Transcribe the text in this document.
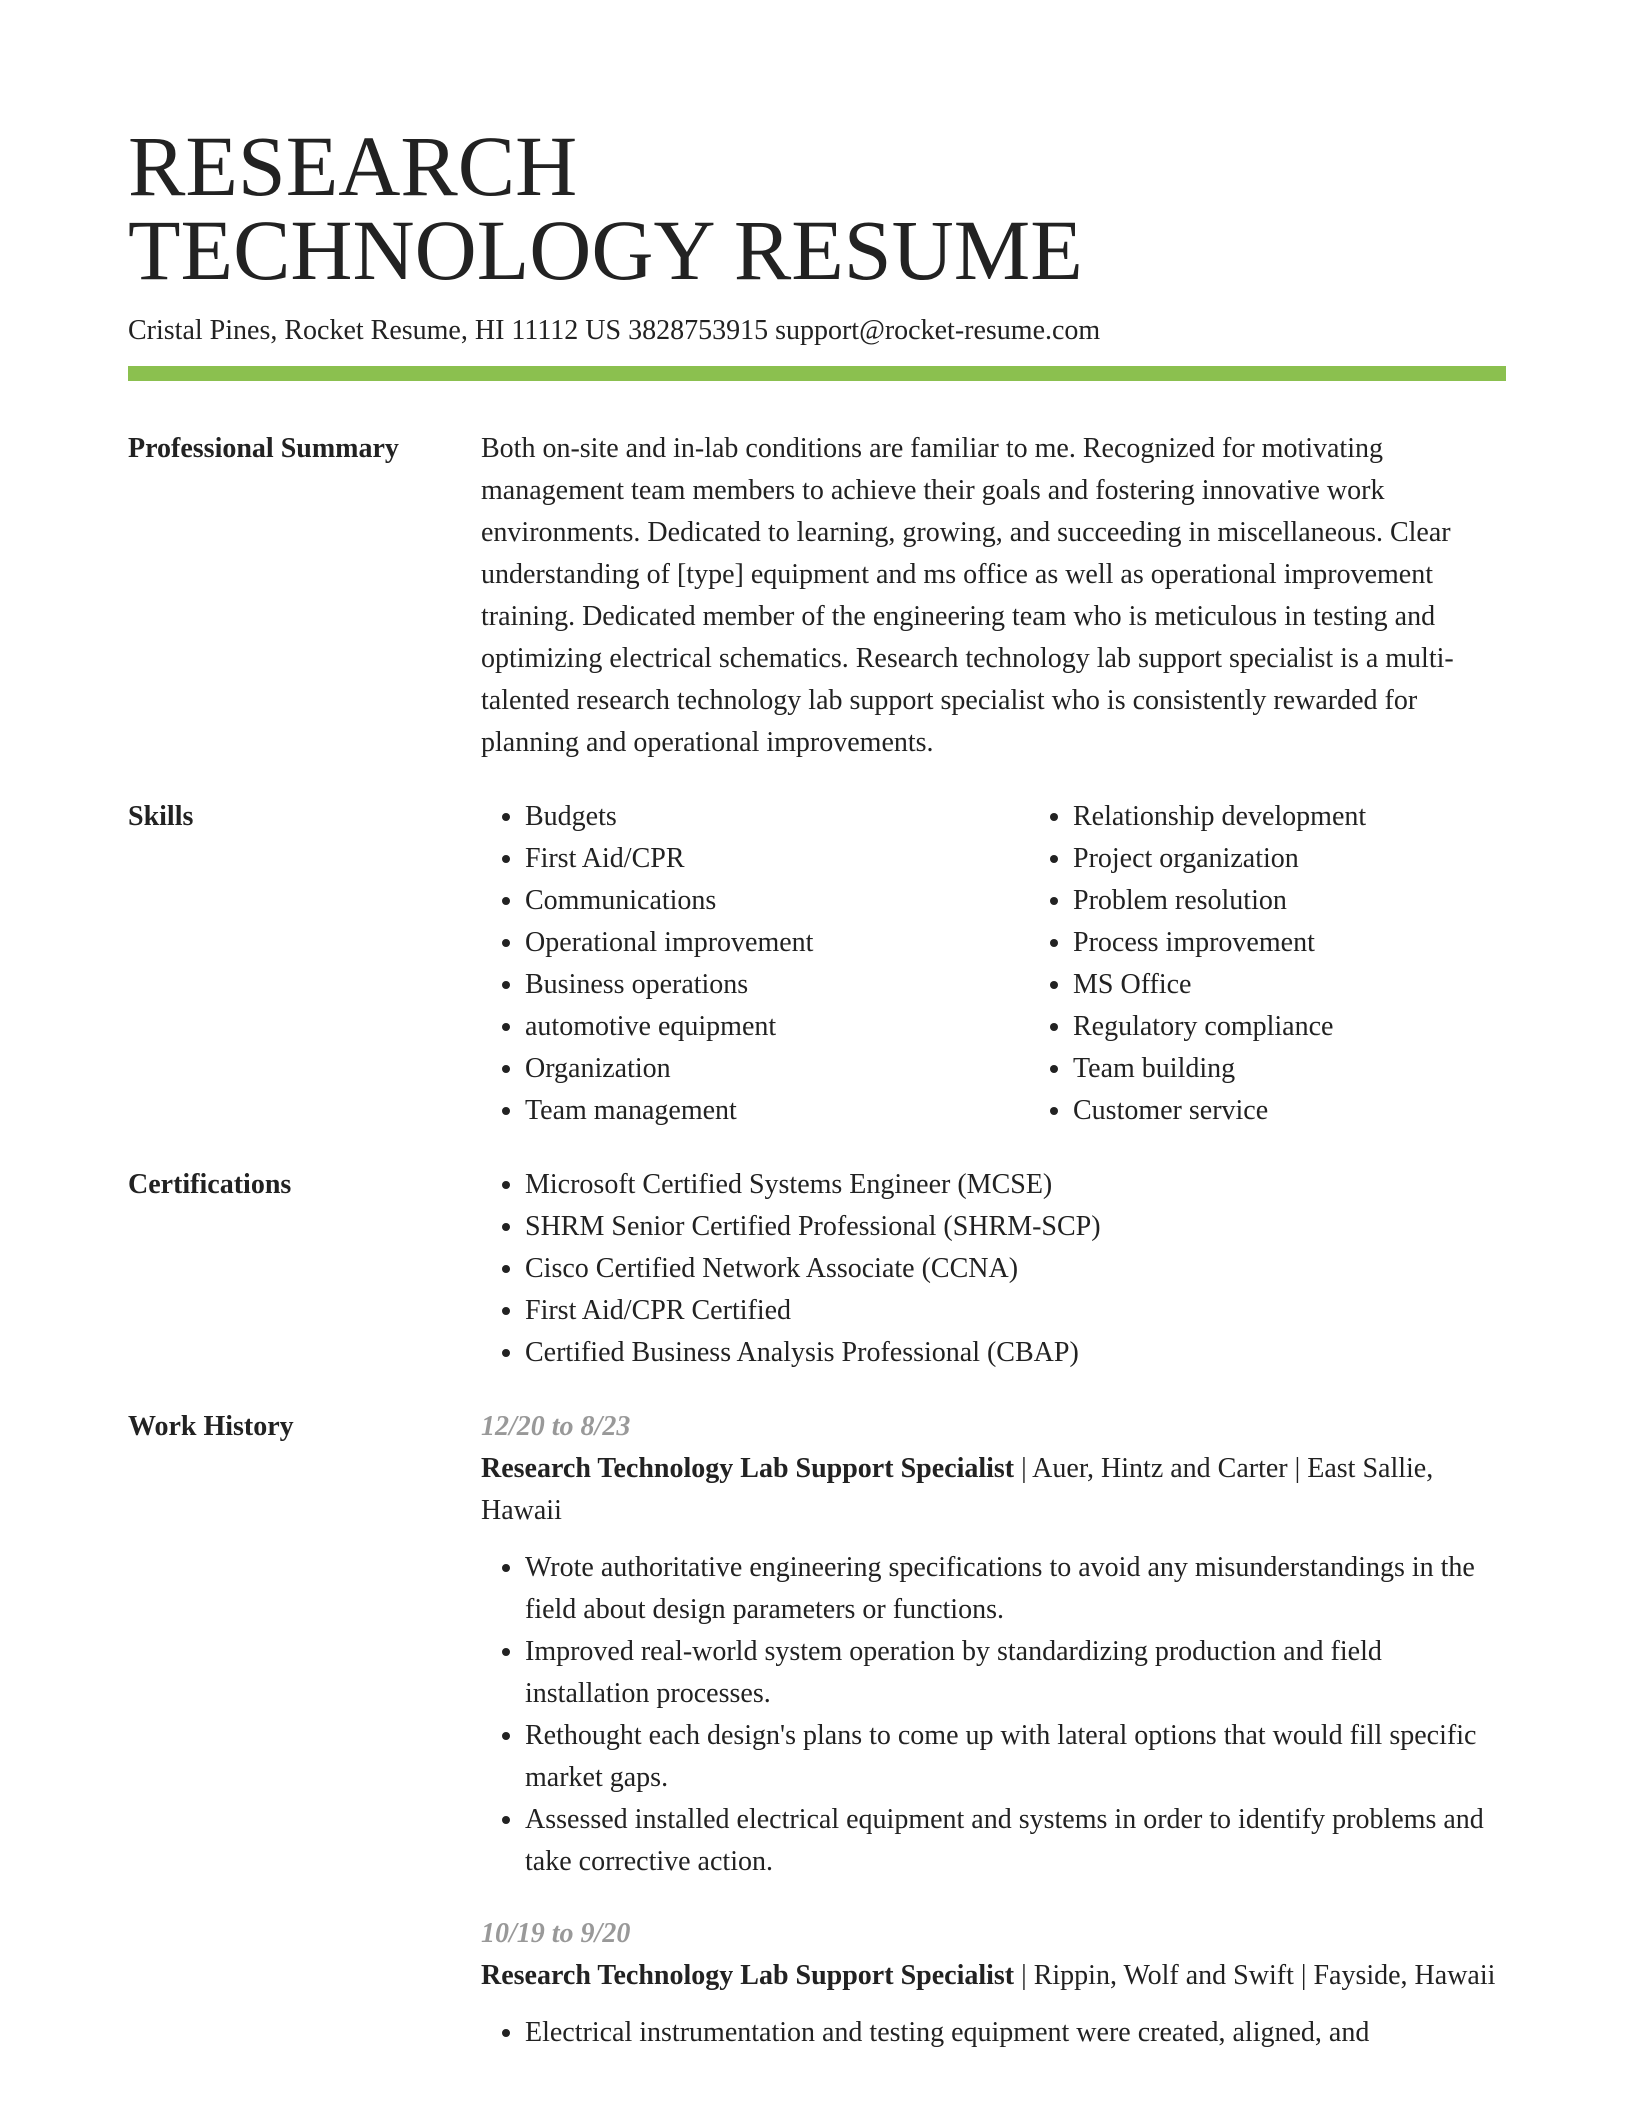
RESEARCH
TECHNOLOGY RESUME
Cristal Pines, Rocket Resume, HI 11112 US 3828753915 support@rocket-resume.com
Professional Summary	Both on-site and in-lab conditions are familiar to me. Recognized for motivating management team members to achieve their goals and fostering innovative work environments. Dedicated to learning, growing, and succeeding in miscellaneous. Clear understanding of [type] equipment and ms office as well as operational improvement training. Dedicated member of the engineering team who is meticulous in testing and optimizing electrical schematics. Research technology lab support specialist is a multi-talented research technology lab support specialist who is consistently rewarded for planning and operational improvements.
Skills	• Budgets
• First Aid/CPR
• Communications
• Operational improvement
• Business operations
• automotive equipment
• Organization
• Team management
• Relationship development
• Project organization
• Problem resolution
• Process improvement
• MS Office
• Regulatory compliance
• Team building
• Customer service
Certifications	• Microsoft Certified Systems Engineer (MCSE)
• SHRM Senior Certified Professional (SHRM-SCP)
• Cisco Certified Network Associate (CCNA)
• First Aid/CPR Certified
• Certified Business Analysis Professional (CBAP)
Work History	12/20 to 8/23
Research Technology Lab Support Specialist | Auer, Hintz and Carter | East Sallie, Hawaii
• Wrote authoritative engineering specifications to avoid any misunderstandings in the field about design parameters or functions.
• Improved real-world system operation by standardizing production and field installation processes.
• Rethought each design's plans to come up with lateral options that would fill specific market gaps.
• Assessed installed electrical equipment and systems in order to identify problems and take corrective action.
10/19 to 9/20
Research Technology Lab Support Specialist | Rippin, Wolf and Swift | Fayside, Hawaii
• Electrical instrumentation and testing equipment were created, aligned, and
